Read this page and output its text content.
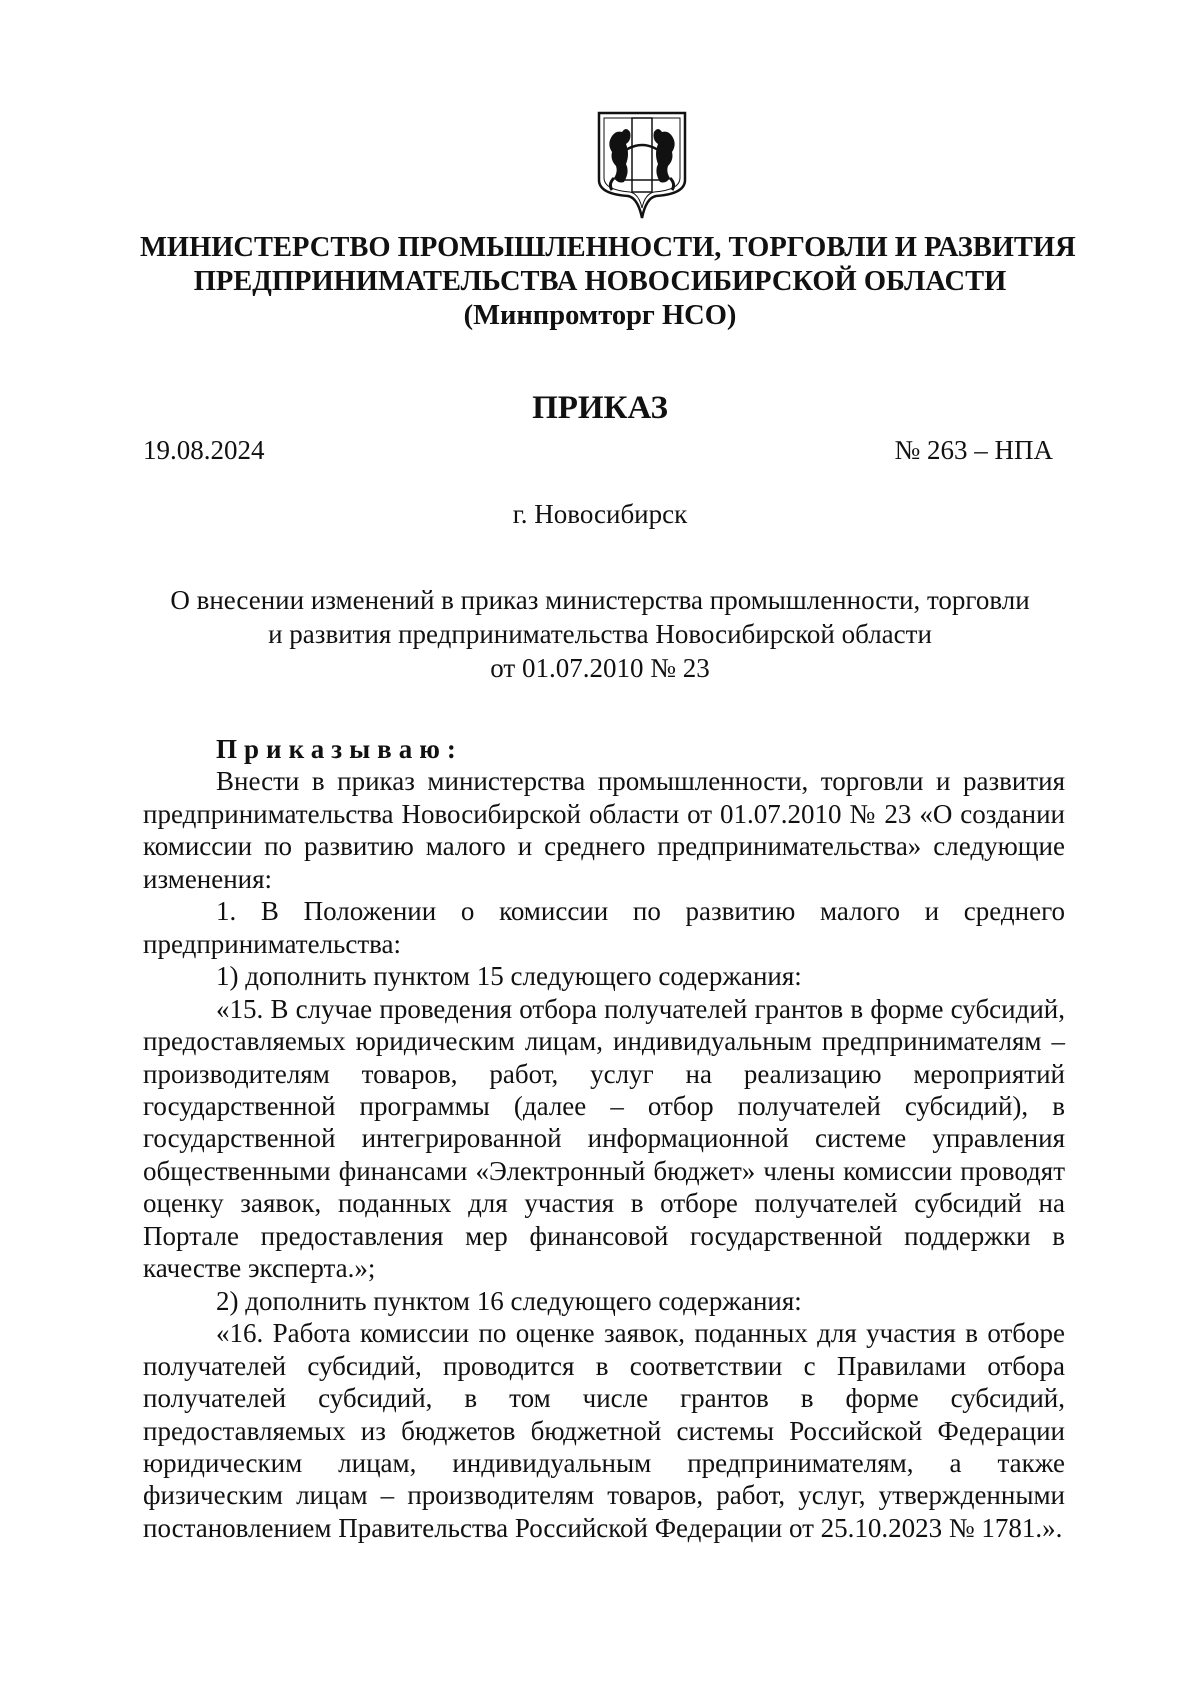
МИНИСТЕРСТВО ПРОМЫШЛЕННОСТИ, ТОРГОВЛИ И РАЗВИТИЯ
ПРЕДПРИНИМАТЕЛЬСТВА НОВОСИБИРСКОЙ ОБЛАСТИ
(Минпромторг НСО)
ПРИКАЗ
19.08.2024	№ 263 – НПА
г. Новосибирск
О внесении изменений в приказ министерства промышленности, торговли
и развития предпринимательства Новосибирской области
от 01.07.2010 № 23

Приказываю:

Внести в приказ министерства промышленности, торговли и развития предпринимательства Новосибирской области от 01.07.2010 № 23 «О создании комиссии по развитию малого и среднего предпринимательства» следующие изменения:

1. В Положении о комиссии по развитию малого и среднего предпринимательства:

1) дополнить пунктом 15 следующего содержания:

«15. В случае проведения отбора получателей грантов в форме субсидий, предоставляемых юридическим лицам, индивидуальным предпринимателям – производителям товаров, работ, услуг на реализацию мероприятий государственной программы (далее – отбор получателей субсидий), в государственной интегрированной информационной системе управления общественными финансами «Электронный бюджет» члены комиссии проводят оценку заявок, поданных для участия в отборе получателей субсидий на Портале предоставления мер финансовой государственной поддержки в качестве эксперта.»;

2) дополнить пунктом 16 следующего содержания:

«16. Работа комиссии по оценке заявок, поданных для участия в отборе получателей субсидий, проводится в соответствии с Правилами отбора получателей субсидий, в том числе грантов в форме субсидий, предоставляемых из бюджетов бюджетной системы Российской Федерации юридическим лицам, индивидуальным предпринимателям, а также физическим лицам – производителям товаров, работ, услуг, утвержденными постановлением Правительства Российской Федерации от 25.10.2023 № 1781.».
